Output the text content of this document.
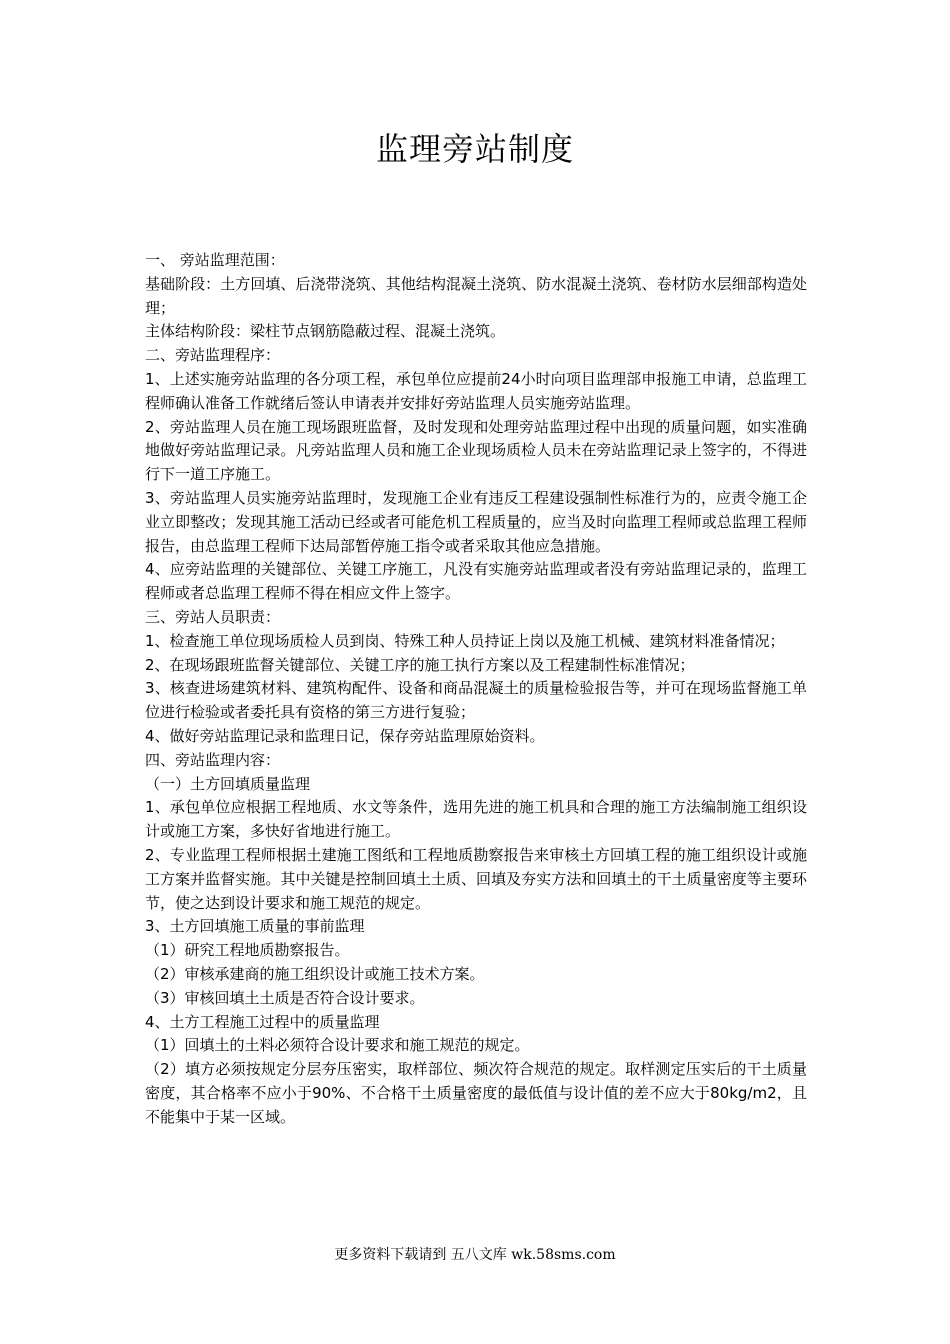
监理旁站制度

一、 旁站监理范围：

基础阶段：土方回填、后浇带浇筑、其他结构混凝土浇筑、防水混凝土浇筑、卷材防水层细部构造处理；

主体结构阶段：梁柱节点钢筋隐蔽过程、混凝土浇筑。

二、旁站监理程序：

1、上述实施旁站监理的各分项工程，承包单位应提前24小时向项目监理部申报施工申请，总监理工程师确认准备工作就绪后签认申请表并安排好旁站监理人员实施旁站监理。

2、旁站监理人员在施工现场跟班监督，及时发现和处理旁站监理过程中出现的质量问题，如实准确地做好旁站监理记录。凡旁站监理人员和施工企业现场质检人员未在旁站监理记录上签字的，不得进行下一道工序施工。

3、旁站监理人员实施旁站监理时，发现施工企业有违反工程建设强制性标准行为的，应责令施工企业立即整改；发现其施工活动已经或者可能危机工程质量的，应当及时向监理工程师或总监理工程师报告，由总监理工程师下达局部暂停施工指令或者采取其他应急措施。

4、应旁站监理的关键部位、关键工序施工，凡没有实施旁站监理或者没有旁站监理记录的，监理工程师或者总监理工程师不得在相应文件上签字。

三、旁站人员职责：

1、检查施工单位现场质检人员到岗、特殊工种人员持证上岗以及施工机械、建筑材料准备情况；

2、在现场跟班监督关键部位、关键工序的施工执行方案以及工程建制性标准情况；

3、核查进场建筑材料、建筑构配件、设备和商品混凝土的质量检验报告等，并可在现场监督施工单位进行检验或者委托具有资格的第三方进行复验；

4、做好旁站监理记录和监理日记，保存旁站监理原始资料。

四、旁站监理内容：

（一）土方回填质量监理

1、承包单位应根据工程地质、水文等条件，选用先进的施工机具和合理的施工方法编制施工组织设计或施工方案，多快好省地进行施工。

2、专业监理工程师根据土建施工图纸和工程地质勘察报告来审核土方回填工程的施工组织设计或施工方案并监督实施。其中关键是控制回填土土质、回填及夯实方法和回填土的干土质量密度等主要环节，使之达到设计要求和施工规范的规定。

3、土方回填施工质量的事前监理

（1）研究工程地质勘察报告。

（2）审核承建商的施工组织设计或施工技术方案。

（3）审核回填土土质是否符合设计要求。

4、土方工程施工过程中的质量监理

（1）回填土的土料必须符合设计要求和施工规范的规定。

（2）填方必须按规定分层夯压密实，取样部位、频次符合规范的规定。取样测定压实后的干土质量密度，其合格率不应小于90%、不合格干土质量密度的最低值与设计值的差不应大于80kg/m2，且不能集中于某一区域。

更多资料下载请到 五八文库 wk.58sms.com
